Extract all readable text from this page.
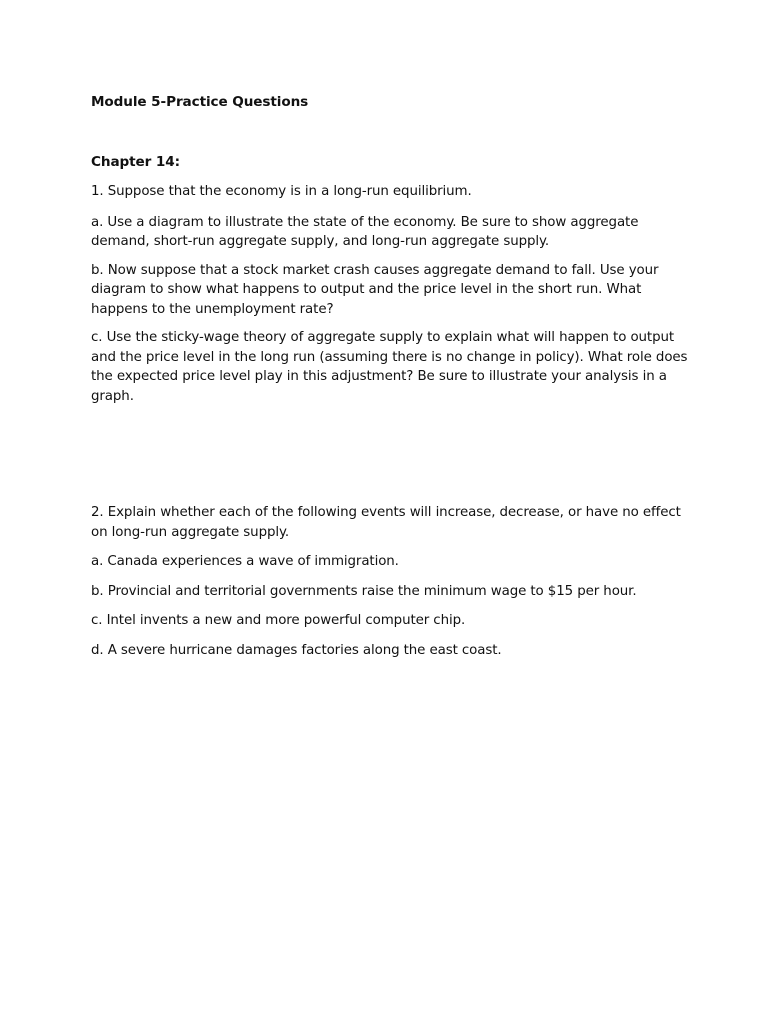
Module 5-Practice Questions

Chapter 14:

1. Suppose that the economy is in a long-run equilibrium.

a. Use a diagram to illustrate the state of the economy. Be sure to show aggregate demand, short-run aggregate supply, and long-run aggregate supply.

b. Now suppose that a stock market crash causes aggregate demand to fall. Use your diagram to show what happens to output and the price level in the short run. What happens to the unemployment rate?

c. Use the sticky-wage theory of aggregate supply to explain what will happen to output and the price level in the long run (assuming there is no change in policy). What role does the expected price level play in this adjustment? Be sure to illustrate your analysis in a graph.

2. Explain whether each of the following events will increase, decrease, or have no effect on long-run aggregate supply.

a. Canada experiences a wave of immigration.

b. Provincial and territorial governments raise the minimum wage to $15 per hour.

c. Intel invents a new and more powerful computer chip.

d. A severe hurricane damages factories along the east coast.
